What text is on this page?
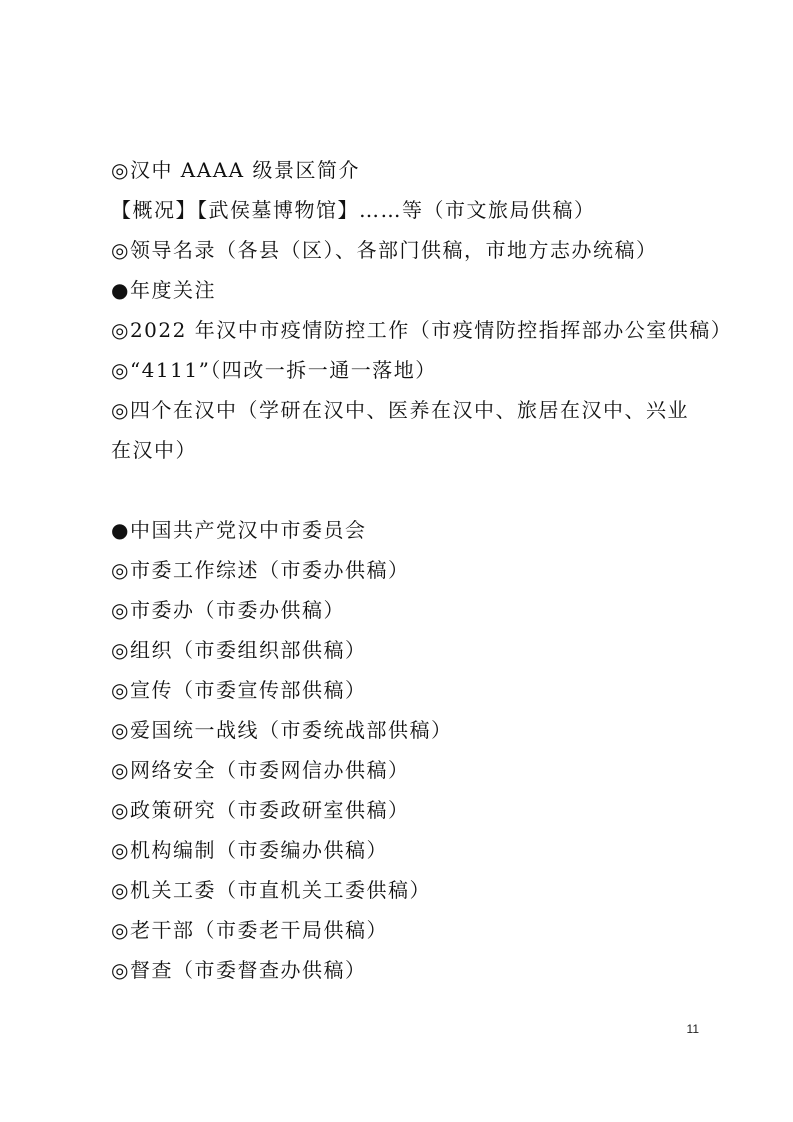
◎汉中 AAAA 级景区简介
【概况】【武侯墓博物馆】……等（市文旅局供稿）
◎领导名录（各县（区）、各部门供稿，市地方志办统稿）
●年度关注
◎2022 年汉中市疫情防控工作（市疫情防控指挥部办公室供稿）
◎“4111”（四改一拆一通一落地）
◎四个在汉中（学研在汉中、医养在汉中、旅居在汉中、兴业在汉中）
●中国共产党汉中市委员会
◎市委工作综述（市委办供稿）
◎市委办（市委办供稿）
◎组织（市委组织部供稿）
◎宣传（市委宣传部供稿）
◎爱国统一战线（市委统战部供稿）
◎网络安全（市委网信办供稿）
◎政策研究（市委政研室供稿）
◎机构编制（市委编办供稿）
◎机关工委（市直机关工委供稿）
◎老干部（市委老干局供稿）
◎督查（市委督查办供稿）
11
